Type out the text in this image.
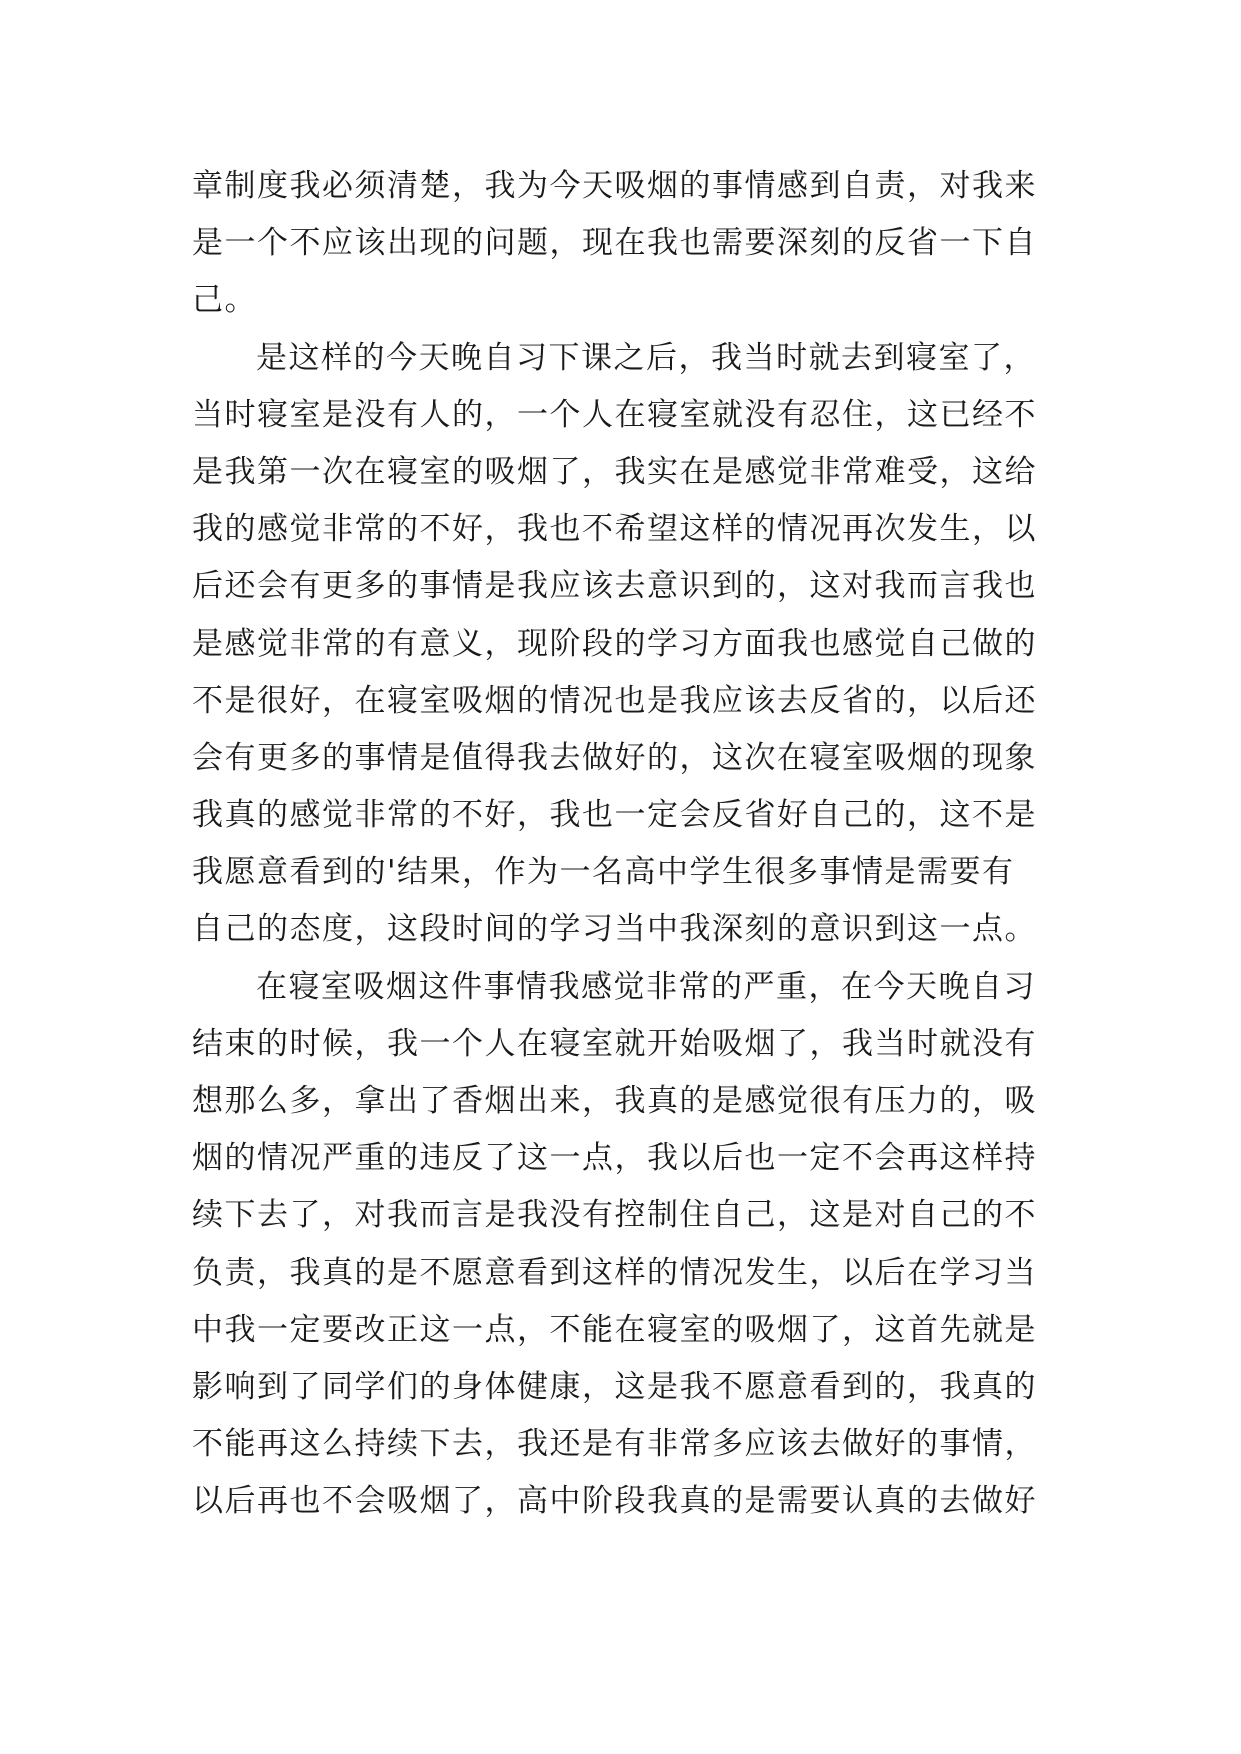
章制度我必须清楚，我为今天吸烟的事情感到自责，对我来
是一个不应该出现的问题，现在我也需要深刻的反省一下自
己。
是这样的今天晚自习下课之后，我当时就去到寝室了，
当时寝室是没有人的，一个人在寝室就没有忍住，这已经不
是我第一次在寝室的吸烟了，我实在是感觉非常难受，这给
我的感觉非常的不好，我也不希望这样的情况再次发生，以
后还会有更多的事情是我应该去意识到的，这对我而言我也
是感觉非常的有意义，现阶段的学习方面我也感觉自己做的
不是很好，在寝室吸烟的情况也是我应该去反省的，以后还
会有更多的事情是值得我去做好的，这次在寝室吸烟的现象
我真的感觉非常的不好，我也一定会反省好自己的，这不是
我愿意看到的'结果，作为一名高中学生很多事情是需要有
自己的态度，这段时间的学习当中我深刻的意识到这一点。
在寝室吸烟这件事情我感觉非常的严重，在今天晚自习
结束的时候，我一个人在寝室就开始吸烟了，我当时就没有
想那么多，拿出了香烟出来，我真的是感觉很有压力的，吸
烟的情况严重的违反了这一点，我以后也一定不会再这样持
续下去了，对我而言是我没有控制住自己，这是对自己的不
负责，我真的是不愿意看到这样的情况发生，以后在学习当
中我一定要改正这一点，不能在寝室的吸烟了，这首先就是
影响到了同学们的身体健康，这是我不愿意看到的，我真的
不能再这么持续下去，我还是有非常多应该去做好的事情，
以后再也不会吸烟了，高中阶段我真的是需要认真的去做好
